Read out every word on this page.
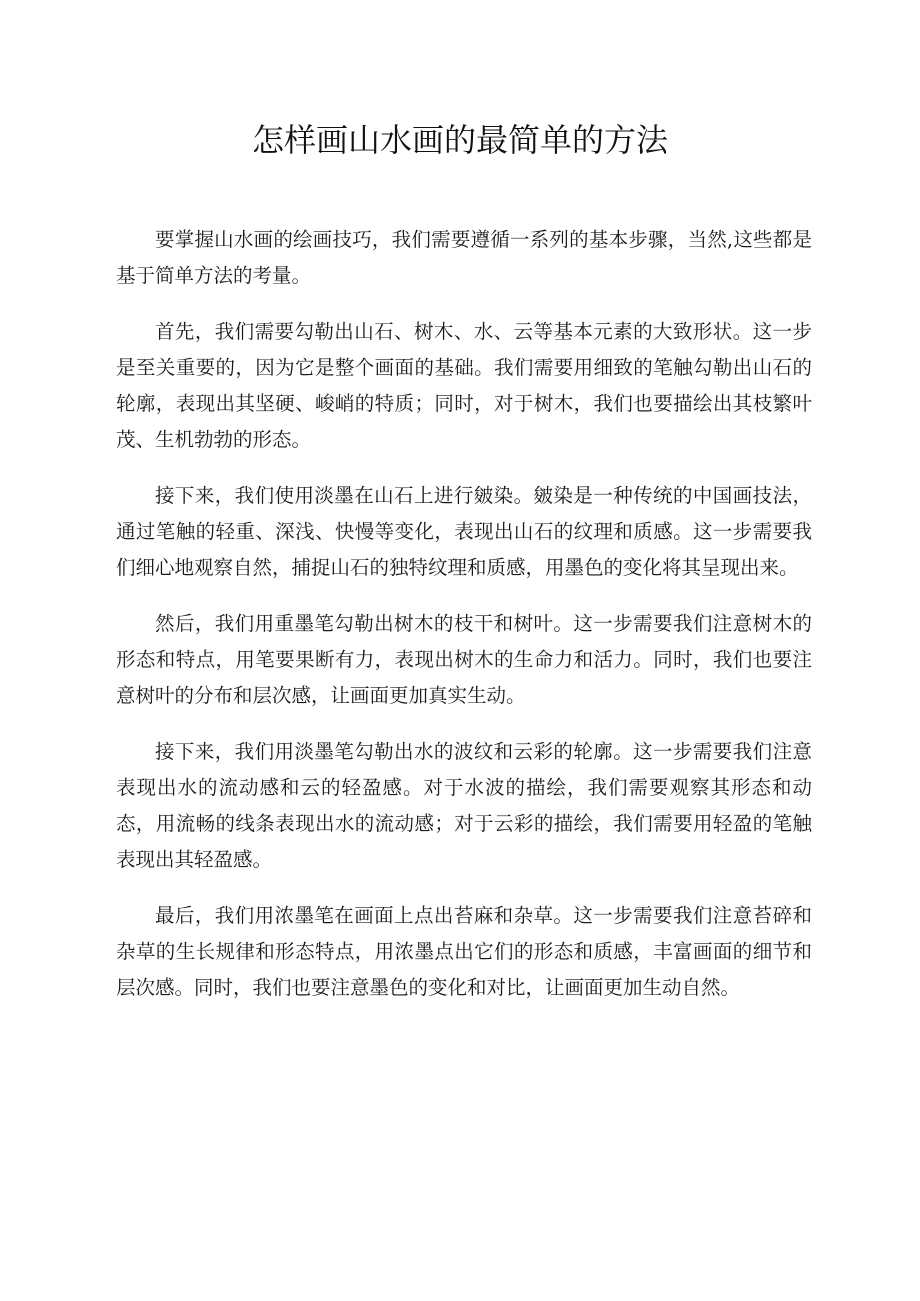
怎样画山水画的最简单的方法

要掌握山水画的绘画技巧，我们需要遵循一系列的基本步骤，当然,这些都是基于简单方法的考量。

首先，我们需要勾勒出山石、树木、水、云等基本元素的大致形状。这一步是至关重要的，因为它是整个画面的基础。我们需要用细致的笔触勾勒出山石的轮廓，表现出其坚硬、峻峭的特质；同时，对于树木，我们也要描绘出其枝繁叶茂、生机勃勃的形态。

接下来，我们使用淡墨在山石上进行皴染。皴染是一种传统的中国画技法，通过笔触的轻重、深浅、快慢等变化，表现出山石的纹理和质感。这一步需要我们细心地观察自然，捕捉山石的独特纹理和质感，用墨色的变化将其呈现出来。

然后，我们用重墨笔勾勒出树木的枝干和树叶。这一步需要我们注意树木的形态和特点，用笔要果断有力，表现出树木的生命力和活力。同时，我们也要注意树叶的分布和层次感，让画面更加真实生动。

接下来，我们用淡墨笔勾勒出水的波纹和云彩的轮廓。这一步需要我们注意表现出水的流动感和云的轻盈感。对于水波的描绘，我们需要观察其形态和动态，用流畅的线条表现出水的流动感；对于云彩的描绘，我们需要用轻盈的笔触表现出其轻盈感。

最后，我们用浓墨笔在画面上点出苔麻和杂草。这一步需要我们注意苔碎和杂草的生长规律和形态特点，用浓墨点出它们的形态和质感，丰富画面的细节和层次感。同时，我们也要注意墨色的变化和对比，让画面更加生动自然。
